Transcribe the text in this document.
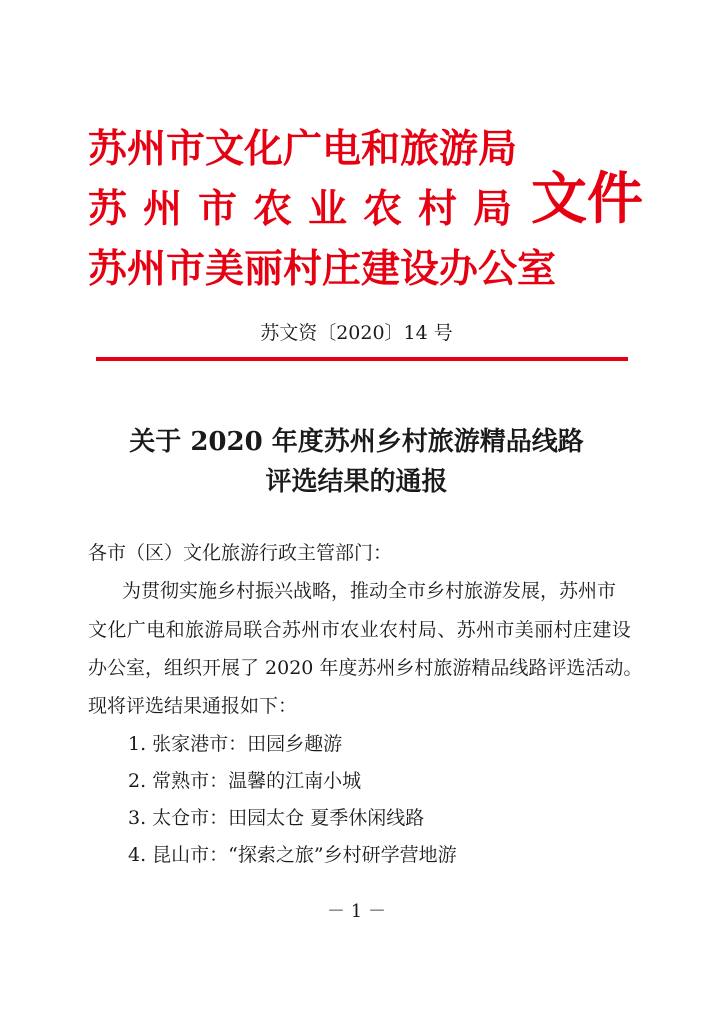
苏州市文化广电和旅游局
苏州市农业农村局
苏州市美丽村庄建设办公室
文件
苏文资〔2020〕14 号
关于 2020 年度苏州乡村旅游精品线路
评选结果的通报
各市（区）文化旅游行政主管部门：
为贯彻实施乡村振兴战略，推动全市乡村旅游发展，苏州市
文化广电和旅游局联合苏州市农业农村局、苏州市美丽村庄建设
办公室，组织开展了 2020 年度苏州乡村旅游精品线路评选活动。
现将评选结果通报如下：
1. 张家港市：田园乡趣游
2. 常熟市：温馨的江南小城
3. 太仓市：田园太仓 夏季休闲线路
4. 昆山市：“探索之旅”乡村研学营地游
－ 1 －
